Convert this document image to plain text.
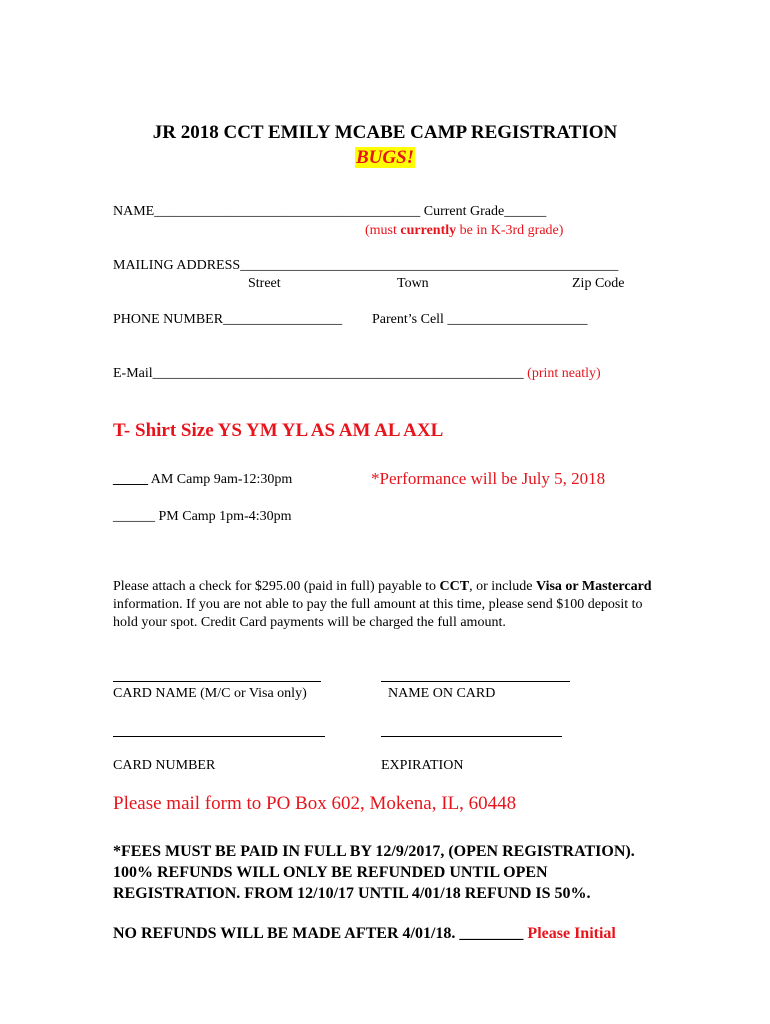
JR 2018 CCT EMILY MCABE CAMP REGISTRATION
BUGS!
NAME______________________________________ Current Grade______
(must currently be in K-3rd grade)
MAILING ADDRESS______________________________________________________
Street	Town	Zip Code
PHONE NUMBER_________________ Parent’s Cell ____________________
E-Mail_____________________________________________________ (print neatly)
T- Shirt Size YS YM YL AS AM AL AXL
_____ AM Camp 9am-12:30pm	*Performance will be July 5, 2018
______ PM Camp 1pm-4:30pm
Please attach a check for $295.00 (paid in full) payable to CCT, or include Visa or Mastercard information. If you are not able to pay the full amount at this time, please send $100 deposit to hold your spot. Credit Card payments will be charged the full amount.
CARD NAME (M/C or Visa only)	NAME ON CARD
CARD NUMBER	EXPIRATION
Please mail form to PO Box 602, Mokena, IL, 60448
*FEES MUST BE PAID IN FULL BY 12/9/2017, (OPEN REGISTRATION).
100% REFUNDS WILL ONLY BE REFUNDED UNTIL OPEN
REGISTRATION. FROM 12/10/17 UNTIL 4/01/18 REFUND IS 50%.
NO REFUNDS WILL BE MADE AFTER 4/01/18. ________ Please Initial
